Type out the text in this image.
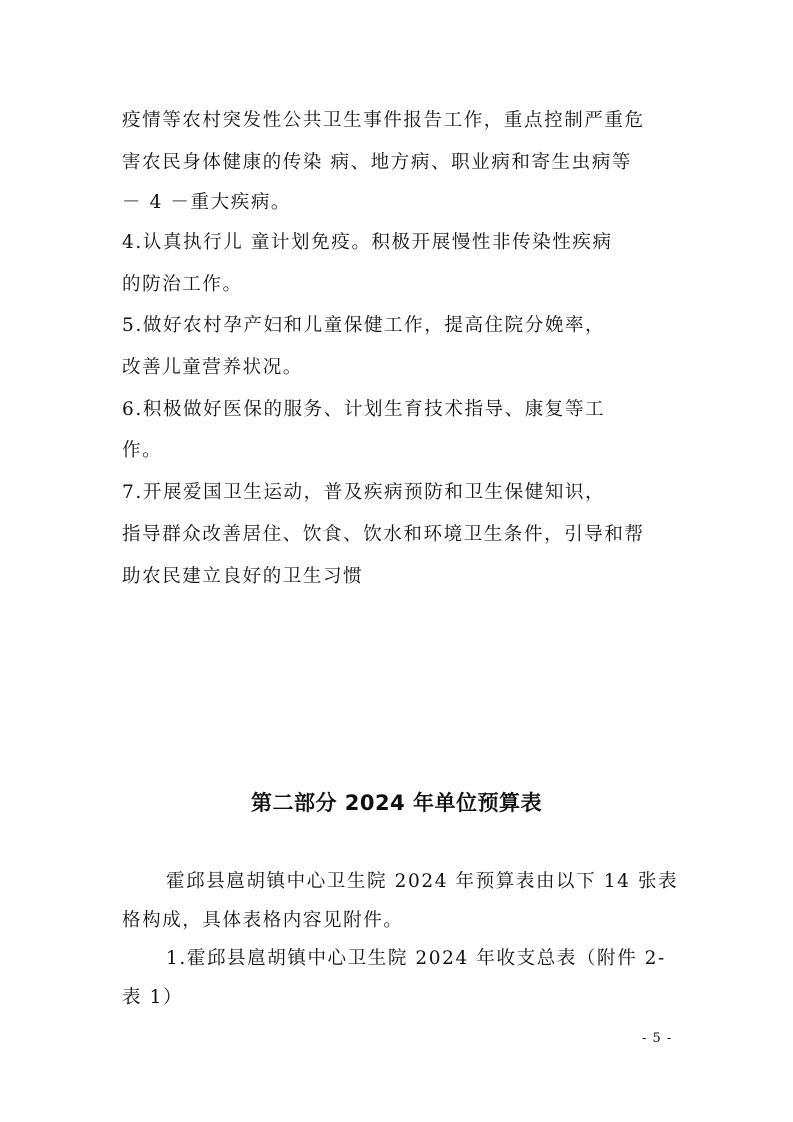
疫情等农村突发性公共卫生事件报告工作，重点控制严重危
害农民身体健康的传染 病、地方病、职业病和寄生虫病等
－ 4 －重大疾病。
4.认真执行儿 童计划免疫。积极开展慢性非传染性疾病
的防治工作。
5.做好农村孕产妇和儿童保健工作，提高住院分娩率，
改善儿童营养状况。
6.积极做好医保的服务、计划生育技术指导、康复等工
作。
7.开展爱国卫生运动，普及疾病预防和卫生保健知识，
指导群众改善居住、饮食、饮水和环境卫生条件，引导和帮
助农民建立良好的卫生习惯
第二部分 2024 年单位预算表
霍邱县扈胡镇中心卫生院 2024 年预算表由以下 14 张表
格构成，具体表格内容见附件。
1.霍邱县扈胡镇中心卫生院 2024 年收支总表（附件 2-
表 1）
- 5 -
